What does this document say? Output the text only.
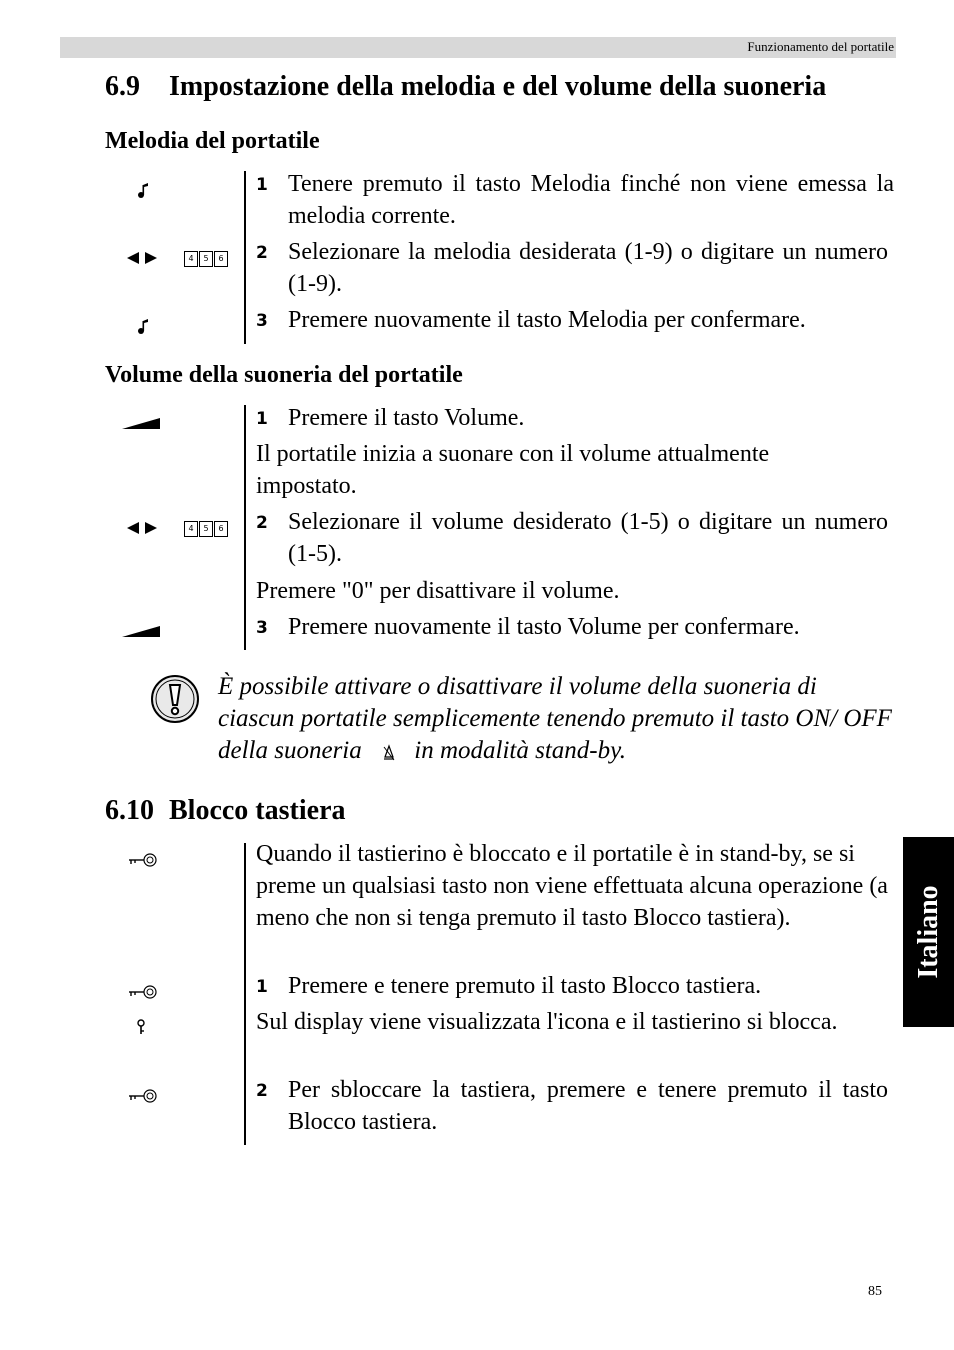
Funzionamento del portatile
Italiano
6.9 Impostazione della melodia e del volume della suoneria
Melodia del portatile
1 Tenere premuto il tasto Melodia finché non viene emessa la melodia corrente.
4	5	6 2 Selezionare la melodia desiderata (1-9) o digitare un numero (1-9).
3 Premere nuovamente il tasto Melodia per confermare.
Volume della suoneria del portatile
1 Premere il tasto Volume.
Il portatile inizia a suonare con il volume attualmente impostato.
4	5	6 2 Selezionare il volume desiderato (1-5) o digitare un numero (1-5).
Premere "0" per disattivare il volume.
3 Premere nuovamente il tasto Volume per confermare.
È possibile attivare o disattivare il volume della suoneria di ciascun portatile semplicemente tenendo premuto il tasto ON/ OFF della suoneria in modalità stand-by.
6.10 Blocco tastiera
Quando il tastierino è bloccato e il portatile è in stand-by, se si preme un qualsiasi tasto non viene effettuata alcuna operazione (a meno che non si tenga premuto il tasto Blocco tastiera).
1 Premere e tenere premuto il tasto Blocco tastiera.
Sul display viene visualizzata l'icona e il tastierino si blocca.
2 Per sbloccare la tastiera, premere e tenere premuto il tasto Blocco tastiera.
85
